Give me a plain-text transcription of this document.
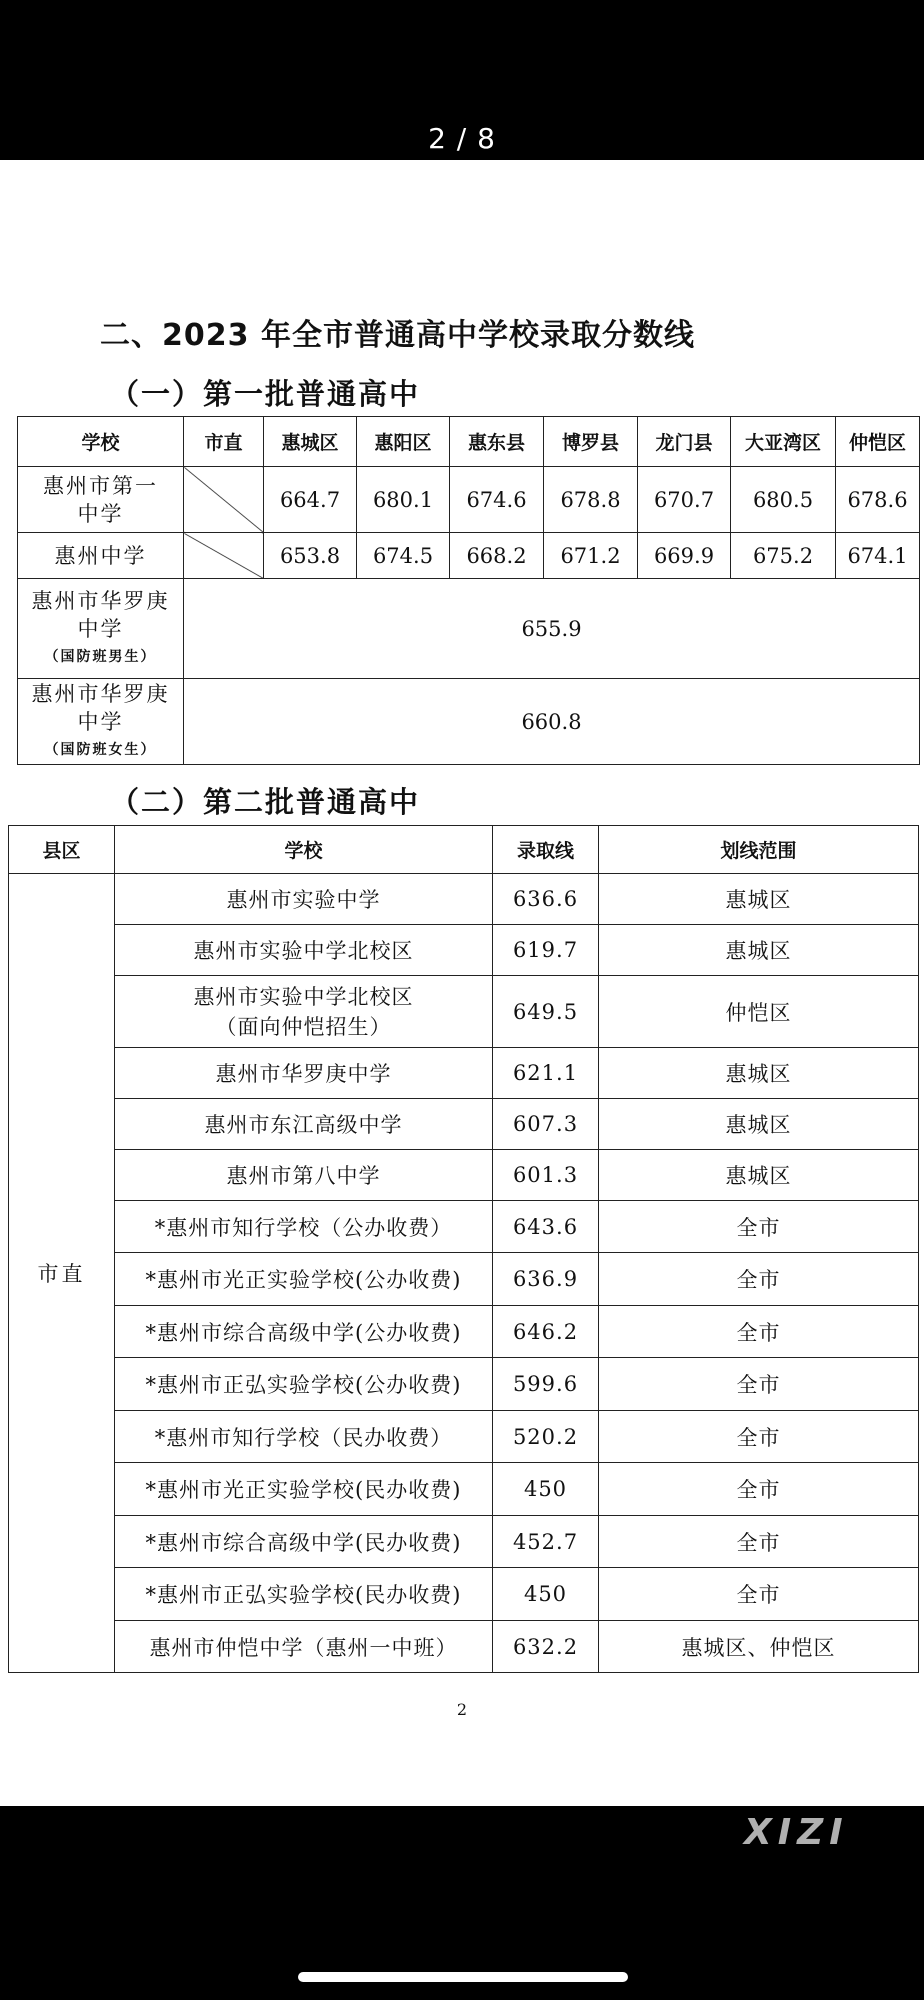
2 / 8
二、2023 年全市普通高中学校录取分数线
（一）第一批普通高中
学校	市直	惠城区	惠阳区	惠东县	博罗县	龙门县	大亚湾区	仲恺区
惠州市第一中学		664.7	680.1	674.6	678.8	670.7	680.5	678.6
惠州中学		653.8	674.5	668.2	671.2	669.9	675.2	674.1

惠州市华罗庚中学
（国防班男生）	655.9							

惠州市华罗庚中学
（国防班女生）	660.8							
（二）第二批普通高中
县区	学校	录取线	划线范围
市直	惠州市实验中学	636.6	惠城区
	惠州市实验中学北校区	619.7	惠城区

	惠州市实验中学北校区
（面向仲恺招生）	649.5	仲恺区
	惠州市华罗庚中学	621.1	惠城区
	惠州市东江高级中学	607.3	惠城区
	惠州市第八中学	601.3	惠城区
	*惠州市知行学校（公办收费）	643.6	全市
	*惠州市光正实验学校(公办收费)	636.9	全市
	*惠州市综合高级中学(公办收费)	646.2	全市
	*惠州市正弘实验学校(公办收费)	599.6	全市
	*惠州市知行学校（民办收费）	520.2	全市
	*惠州市光正实验学校(民办收费)	450	全市
	*惠州市综合高级中学(民办收费)	452.7	全市
	*惠州市正弘实验学校(民办收费)	450	全市
	惠州市仲恺中学（惠州一中班）	632.2	惠城区、仲恺区
2
XIZI
